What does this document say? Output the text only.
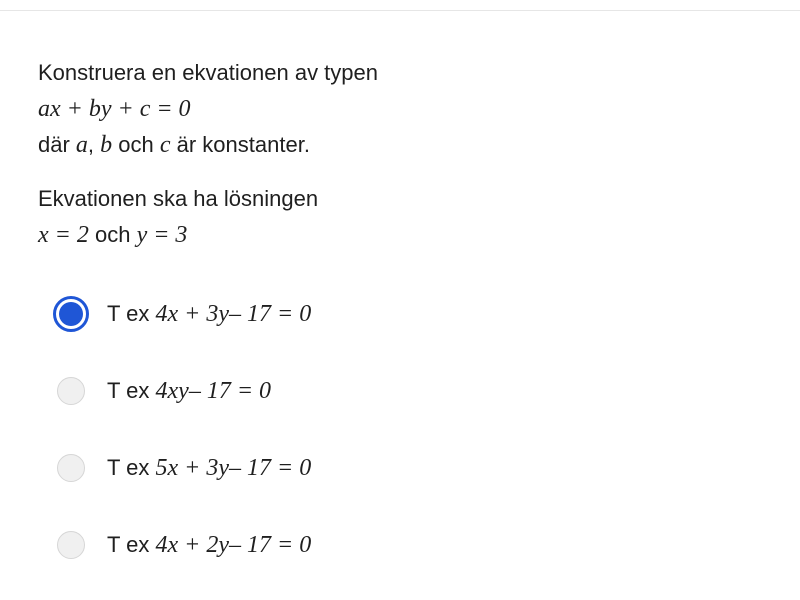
Konstruera en ekvationen av typen
ax + by + c = 0
där a, b och c är konstanter.
Ekvationen ska ha lösningen
x = 2 och y = 3
T ex 4x + 3y– 17 = 0
T ex 4xy– 17 = 0
T ex 5x + 3y– 17 = 0
T ex 4x + 2y– 17 = 0
